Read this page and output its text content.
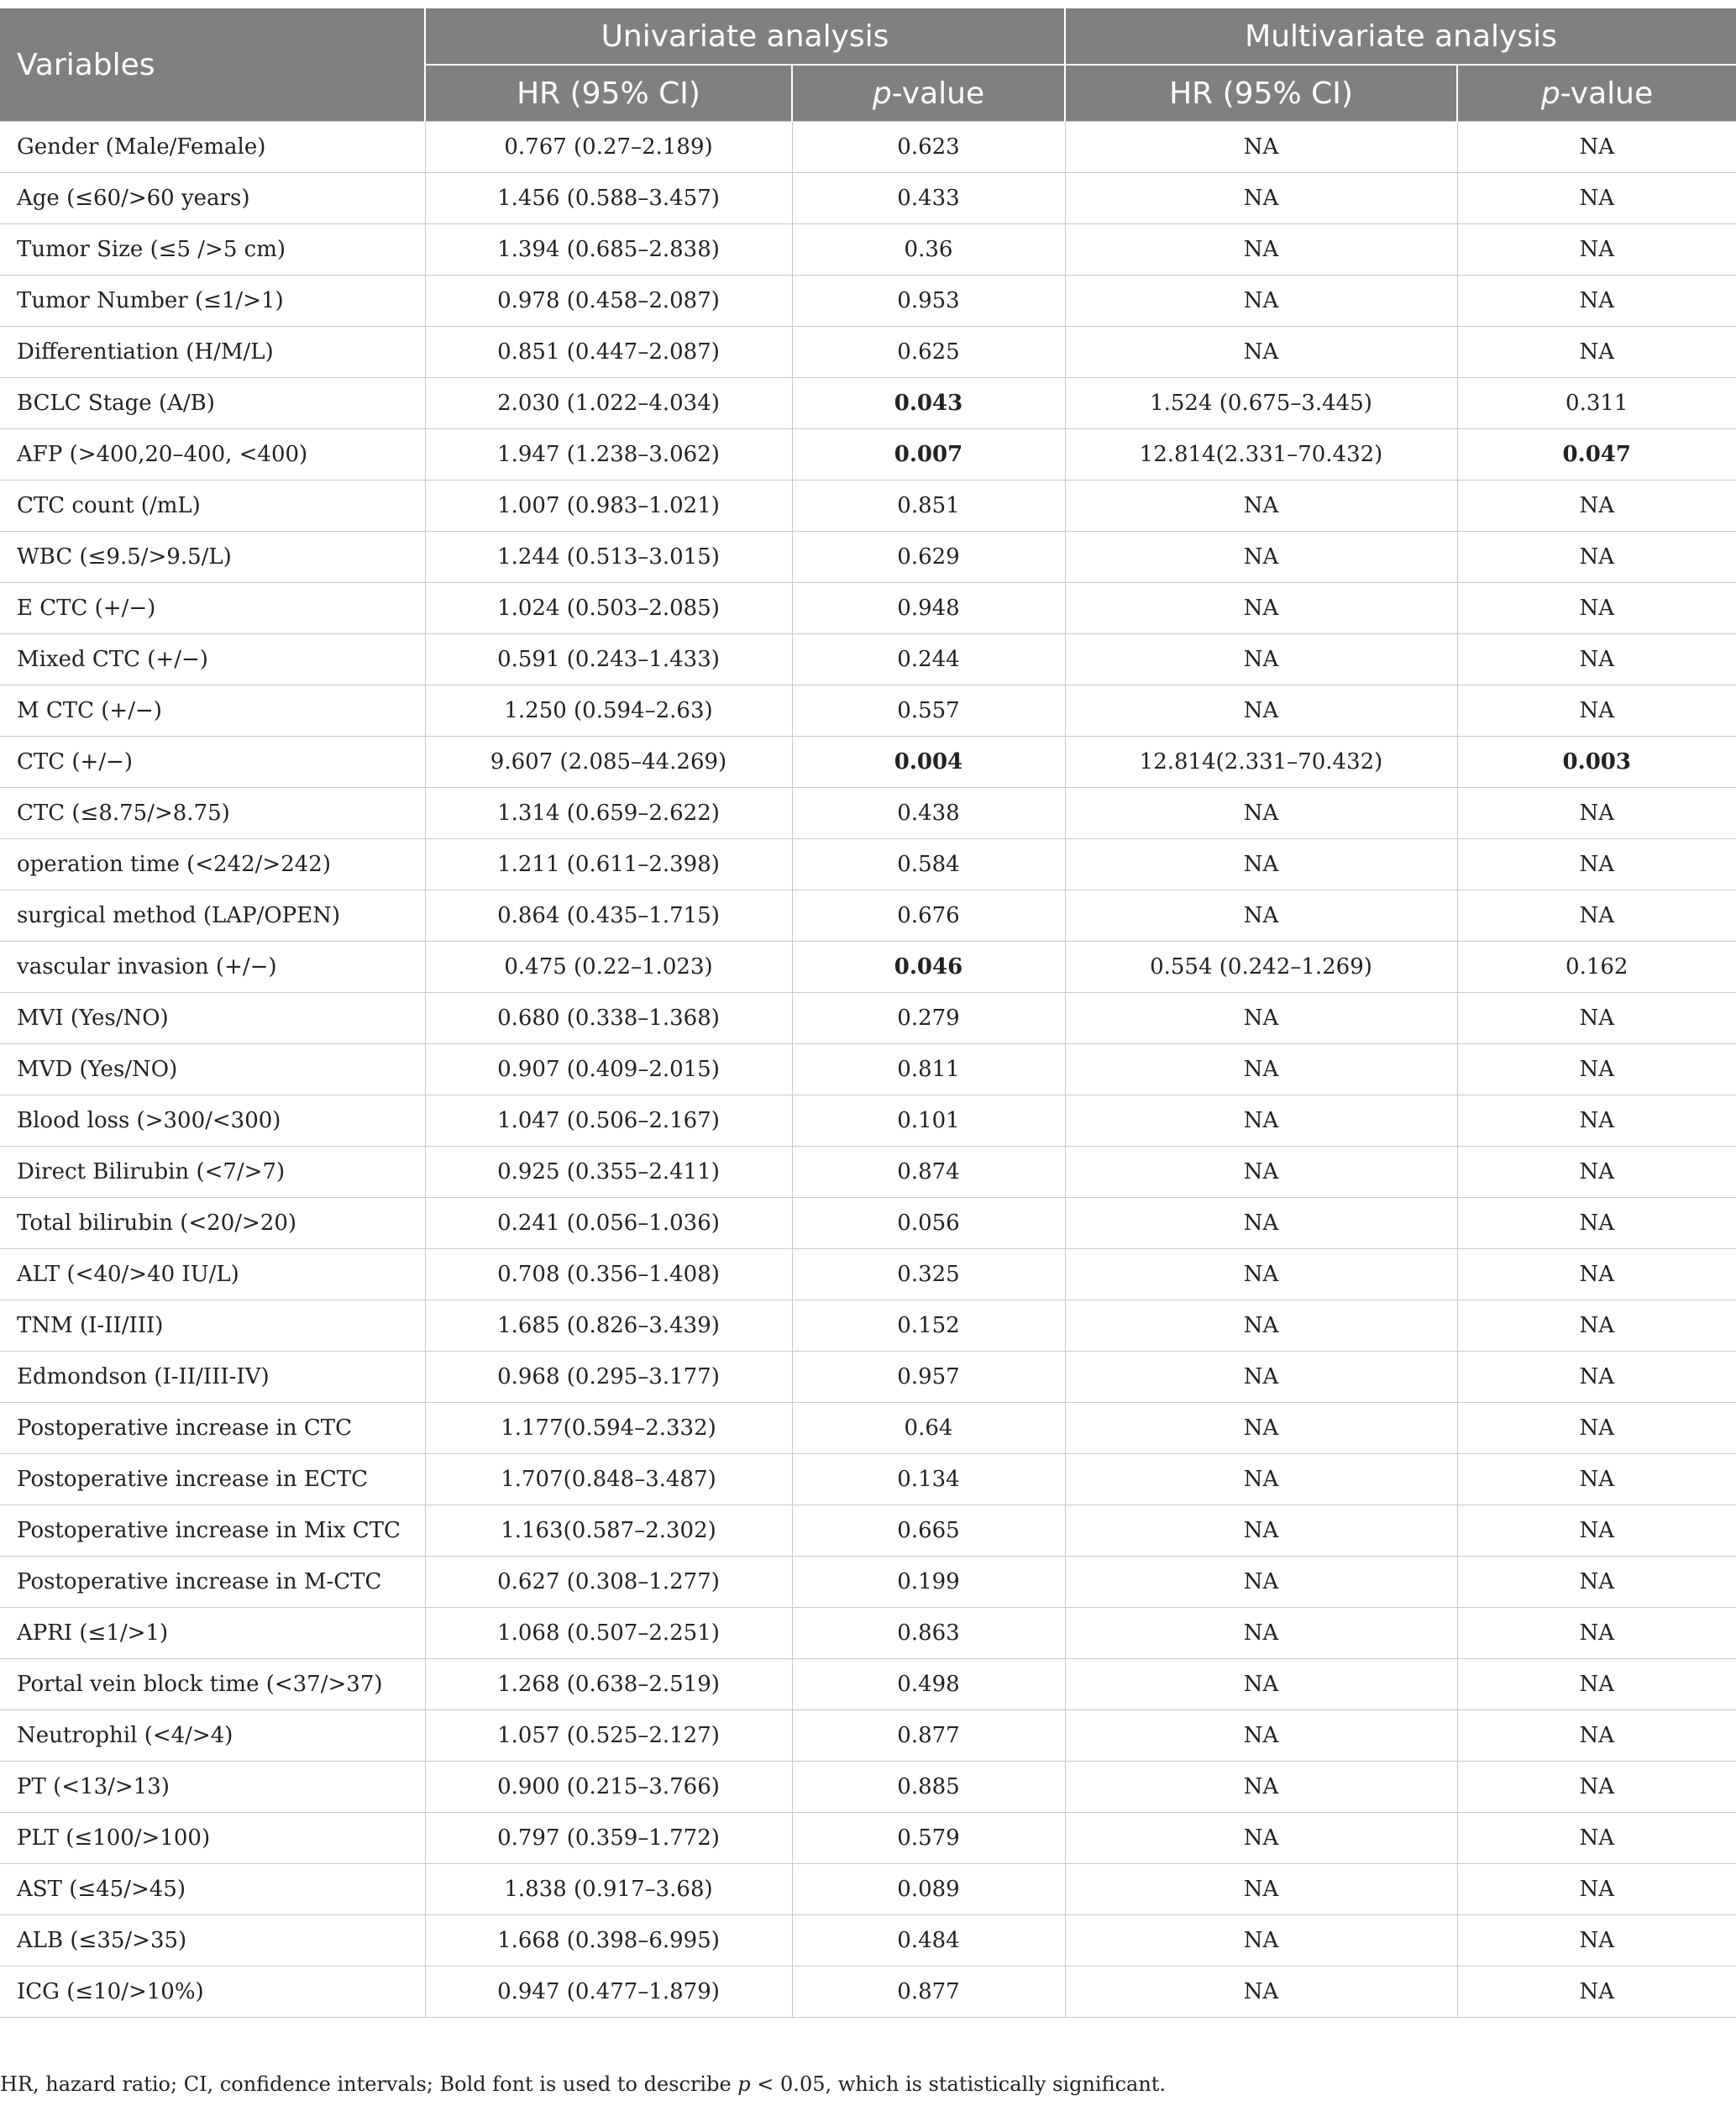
Variables	Univariate analysis		Multivariate analysis	
	HR (95% CI)	p-value	HR (95% CI)	p-value
Gender (Male/Female)	0.767 (0.27–2.189)	0.623	NA	NA
Age (≤60/>60 years)	1.456 (0.588–3.457)	0.433	NA	NA
Tumor Size (≤5 />5 cm)	1.394 (0.685–2.838)	0.36	NA	NA
Tumor Number (≤1/>1)	0.978 (0.458–2.087)	0.953	NA	NA
Differentiation (H/M/L)	0.851 (0.447–2.087)	0.625	NA	NA
BCLC Stage (A/B)	2.030 (1.022–4.034)	0.043	1.524 (0.675–3.445)	0.311
AFP (>400,20–400, <400)	1.947 (1.238–3.062)	0.007	12.814(2.331–70.432)	0.047
CTC count (/mL)	1.007 (0.983–1.021)	0.851	NA	NA
WBC (≤9.5/>9.5/L)	1.244 (0.513–3.015)	0.629	NA	NA
E CTC (+/−)	1.024 (0.503–2.085)	0.948	NA	NA
Mixed CTC (+/−)	0.591 (0.243–1.433)	0.244	NA	NA
M CTC (+/−)	1.250 (0.594–2.63)	0.557	NA	NA
CTC (+/−)	9.607 (2.085–44.269)	0.004	12.814(2.331–70.432)	0.003
CTC (≤8.75/>8.75)	1.314 (0.659–2.622)	0.438	NA	NA
operation time (<242/>242)	1.211 (0.611–2.398)	0.584	NA	NA
surgical method (LAP/OPEN)	0.864 (0.435–1.715)	0.676	NA	NA
vascular invasion (+/−)	0.475 (0.22–1.023)	0.046	0.554 (0.242–1.269)	0.162
MVI (Yes/NO)	0.680 (0.338–1.368)	0.279	NA	NA
MVD (Yes/NO)	0.907 (0.409–2.015)	0.811	NA	NA
Blood loss (>300/<300)	1.047 (0.506–2.167)	0.101	NA	NA
Direct Bilirubin (<7/>7)	0.925 (0.355–2.411)	0.874	NA	NA
Total bilirubin (<20/>20)	0.241 (0.056–1.036)	0.056	NA	NA
ALT (<40/>40 IU/L)	0.708 (0.356–1.408)	0.325	NA	NA
TNM (I-II/III)	1.685 (0.826–3.439)	0.152	NA	NA
Edmondson (I-II/III-IV)	0.968 (0.295–3.177)	0.957	NA	NA
Postoperative increase in CTC	1.177(0.594–2.332)	0.64	NA	NA
Postoperative increase in ECTC	1.707(0.848–3.487)	0.134	NA	NA
Postoperative increase in Mix CTC	1.163(0.587–2.302)	0.665	NA	NA
Postoperative increase in M-CTC	0.627 (0.308–1.277)	0.199	NA	NA
APRI (≤1/>1)	1.068 (0.507–2.251)	0.863	NA	NA
Portal vein block time (<37/>37)	1.268 (0.638–2.519)	0.498	NA	NA
Neutrophil (<4/>4)	1.057 (0.525–2.127)	0.877	NA	NA
PT (<13/>13)	0.900 (0.215–3.766)	0.885	NA	NA
PLT (≤100/>100)	0.797 (0.359–1.772)	0.579	NA	NA
AST (≤45/>45)	1.838 (0.917–3.68)	0.089	NA	NA
ALB (≤35/>35)	1.668 (0.398–6.995)	0.484	NA	NA
ICG (≤10/>10%)	0.947 (0.477–1.879)	0.877	NA	NA
HR, hazard ratio; CI, confidence intervals; Bold font is used to describe p < 0.05, which is statistically significant.
